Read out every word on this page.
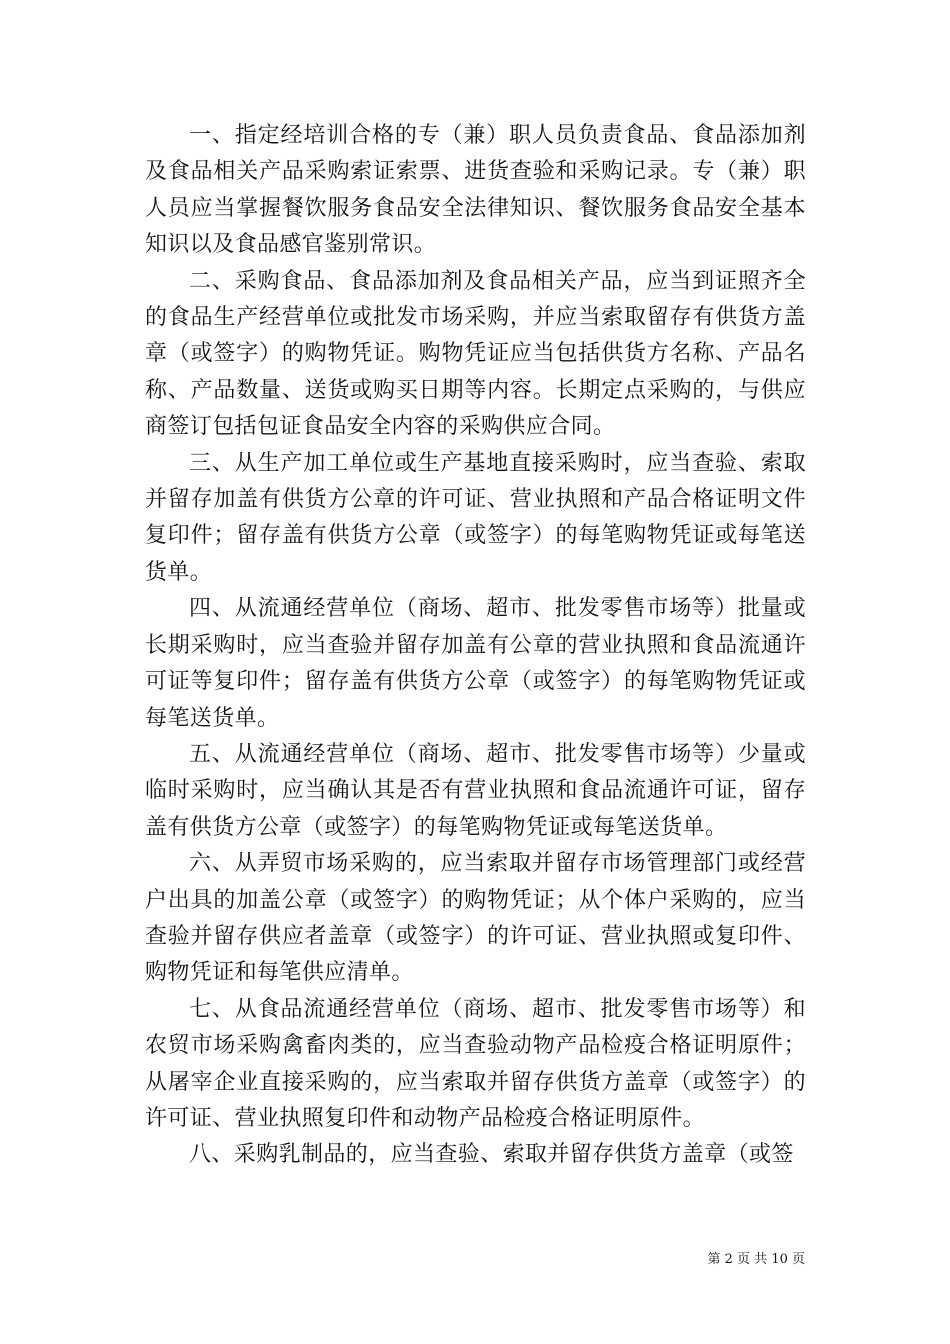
一、指定经培训合格的专（兼）职人员负责食品、食品添加剂及食品相关产品采购索证索票、进货查验和采购记录。专（兼）职人员应当掌握餐饮服务食品安全法律知识、餐饮服务食品安全基本知识以及食品感官鉴别常识。

二、采购食品、食品添加剂及食品相关产品，应当到证照齐全的食品生产经营单位或批发市场采购，并应当索取留存有供货方盖章（或签字）的购物凭证。购物凭证应当包括供货方名称、产品名称、产品数量、送货或购买日期等内容。长期定点采购的，与供应商签订包括包证食品安全内容的采购供应合同。

三、从生产加工单位或生产基地直接采购时，应当查验、索取并留存加盖有供货方公章的许可证、营业执照和产品合格证明文件复印件；留存盖有供货方公章（或签字）的每笔购物凭证或每笔送货单。

四、从流通经营单位（商场、超市、批发零售市场等）批量或长期采购时，应当查验并留存加盖有公章的营业执照和食品流通许可证等复印件；留存盖有供货方公章（或签字）的每笔购物凭证或每笔送货单。

五、从流通经营单位（商场、超市、批发零售市场等）少量或临时采购时，应当确认其是否有营业执照和食品流通许可证，留存盖有供货方公章（或签字）的每笔购物凭证或每笔送货单。

六、从弄贸市场采购的，应当索取并留存市场管理部门或经营户出具的加盖公章（或签字）的购物凭证；从个体户采购的，应当查验并留存供应者盖章（或签字）的许可证、营业执照或复印件、购物凭证和每笔供应清单。

七、从食品流通经营单位（商场、超市、批发零售市场等）和农贸市场采购禽畜肉类的，应当查验动物产品检疫合格证明原件；从屠宰企业直接采购的，应当索取并留存供货方盖章（或签字）的许可证、营业执照复印件和动物产品检疫合格证明原件。

八、采购乳制品的，应当查验、索取并留存供货方盖章（或签

第 2 页 共 10 页
